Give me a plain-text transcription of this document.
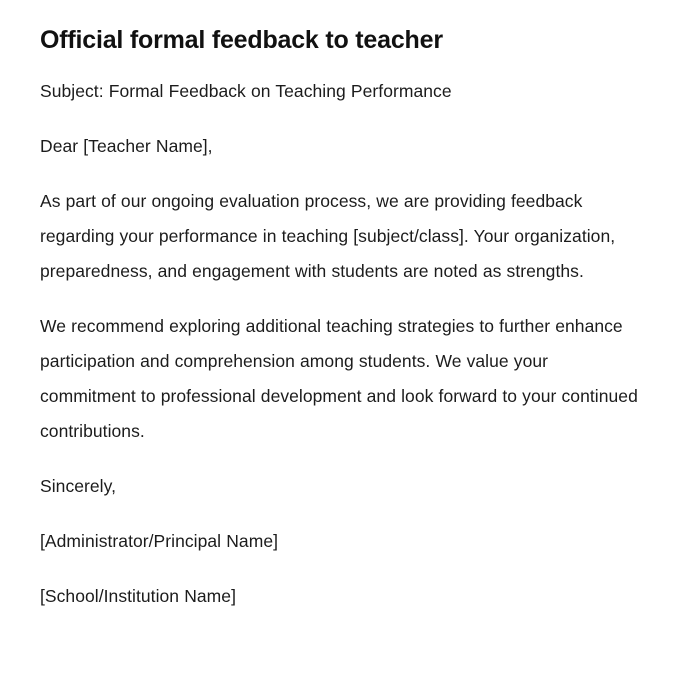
Official formal feedback to teacher

Subject: Formal Feedback on Teaching Performance

Dear [Teacher Name],

As part of our ongoing evaluation process, we are providing feedback regarding your performance in teaching [subject/class]. Your organization, preparedness, and engagement with students are noted as strengths.

We recommend exploring additional teaching strategies to further enhance participation and comprehension among students. We value your commitment to professional development and look forward to your continued contributions.

Sincerely,

[Administrator/Principal Name]

[School/Institution Name]
